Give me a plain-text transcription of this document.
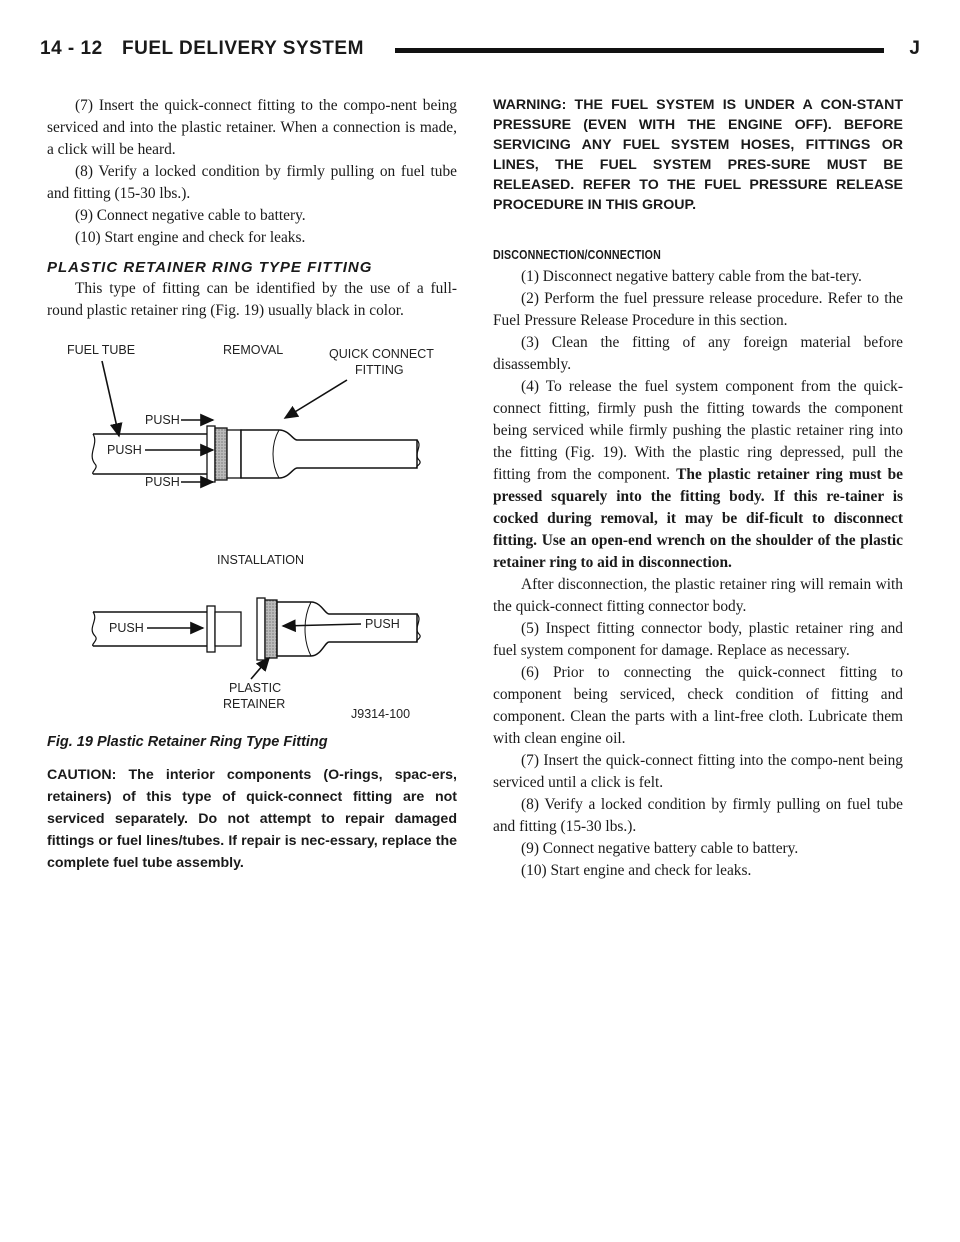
14 - 12 FUEL DELIVERY SYSTEM	J

(7) Insert the quick-connect fitting to the compo-nent being serviced and into the plastic retainer. When a connection is made, a click will be heard.

(8) Verify a locked condition by firmly pulling on fuel tube and fitting (15-30 lbs.).

(9) Connect negative cable to battery.

(10) Start engine and check for leaks.

PLASTIC RETAINER RING TYPE FITTING

This type of fitting can be identified by the use of a full-round plastic retainer ring (Fig. 19) usually black in color.

FUEL TUBE	REMOVAL	QUICK CONNECT
FITTING
PUSH
PUSH
PUSH
INSTALLATION
PUSH	PUSH
PLASTIC
RETAINER
J9314-100
Fig. 19 Plastic Retainer Ring Type Fitting
CAUTION: The interior components (O-rings, spac-ers, retainers) of this type of quick-connect fitting are not serviced separately. Do not attempt to repair damaged fittings or fuel lines/tubes. If repair is nec-essary, replace the complete fuel tube assembly.
WARNING: THE FUEL SYSTEM IS UNDER A CON-STANT PRESSURE (EVEN WITH THE ENGINE OFF). BEFORE SERVICING ANY FUEL SYSTEM HOSES, FITTINGS OR LINES, THE FUEL SYSTEM PRES-SURE MUST BE RELEASED. REFER TO THE FUEL PRESSURE RELEASE PROCEDURE IN THIS GROUP.
DISCONNECTION/CONNECTION

(1) Disconnect negative battery cable from the bat-tery.

(2) Perform the fuel pressure release procedure. Refer to the Fuel Pressure Release Procedure in this section.

(3) Clean the fitting of any foreign material before disassembly.

(4) To release the fuel system component from the quick-connect fitting, firmly push the fitting towards the component being serviced while firmly pushing the plastic retainer ring into the fitting (Fig. 19). With the plastic ring depressed, pull the fitting from the component. The plastic retainer ring must be pressed squarely into the fitting body. If this re-tainer is cocked during removal, it may be dif-ficult to disconnect fitting. Use an open-end wrench on the shoulder of the plastic retainer ring to aid in disconnection.

After disconnection, the plastic retainer ring will remain with the quick-connect fitting connector body.

(5) Inspect fitting connector body, plastic retainer ring and fuel system component for damage. Replace as necessary.

(6) Prior to connecting the quick-connect fitting to component being serviced, check condition of fitting and component. Clean the parts with a lint-free cloth. Lubricate them with clean engine oil.

(7) Insert the quick-connect fitting into the compo-nent being serviced until a click is felt.

(8) Verify a locked condition by firmly pulling on fuel tube and fitting (15-30 lbs.).

(9) Connect negative battery cable to battery.

(10) Start engine and check for leaks.
